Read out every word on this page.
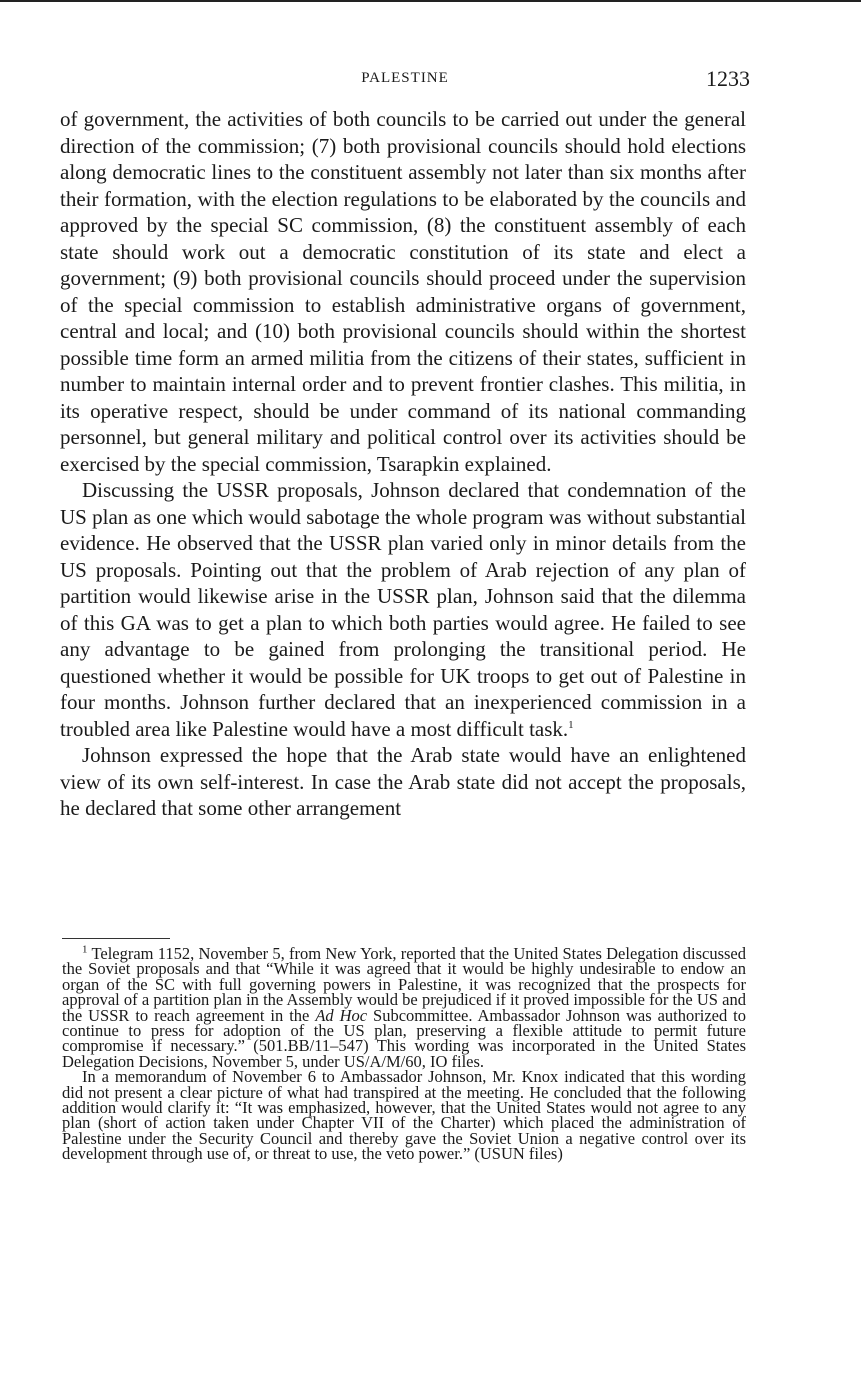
PALESTINE	1233

of government, the activities of both councils to be carried out under the general direction of the commission; (7) both provisional councils should hold elections along democratic lines to the constituent assembly not later than six months after their formation, with the election regulations to be elaborated by the councils and approved by the special SC commission, (8) the constituent assembly of each state should work out a democratic constitution of its state and elect a government; (9) both provisional councils should proceed under the supervision of the special commission to establish administrative organs of government, central and local; and (10) both provisional councils should within the shortest possible time form an armed militia from the citizens of their states, sufficient in number to maintain internal order and to prevent frontier clashes. This militia, in its operative respect, should be under command of its national commanding personnel, but general military and political control over its activities should be exercised by the special commission, Tsarapkin explained.

Discussing the USSR proposals, Johnson declared that condemnation of the US plan as one which would sabotage the whole program was without substantial evidence. He observed that the USSR plan varied only in minor details from the US proposals. Pointing out that the problem of Arab rejection of any plan of partition would likewise arise in the USSR plan, Johnson said that the dilemma of this GA was to get a plan to which both parties would agree. He failed to see any advantage to be gained from prolonging the transitional period. He questioned whether it would be possible for UK troops to get out of Palestine in four months. Johnson further declared that an inexperienced commission in a troubled area like Palestine would have a most difficult task.$^1$

Johnson expressed the hope that the Arab state would have an enlightened view of its own self-interest. In case the Arab state did not accept the proposals, he declared that some other arrangement

$^1$ Telegram 1152, November 5, from New York, reported that the United States Delegation discussed the Soviet proposals and that “While it was agreed that it would be highly undesirable to endow an organ of the SC with full governing powers in Palestine, it was recognized that the prospects for approval of a partition plan in the Assembly would be prejudiced if it proved impossible for the US and the USSR to reach agreement in the Ad Hoc Subcommittee. Ambassador Johnson was authorized to continue to press for adoption of the US plan, preserving a flexible attitude to permit future compromise if necessary.” (501.BB/11–547) This wording was incorporated in the United States Delegation Decisions, November 5, under US/A/M/60, IO files.

In a memorandum of November 6 to Ambassador Johnson, Mr. Knox indicated that this wording did not present a clear picture of what had transpired at the meeting. He concluded that the following addition would clarify it: “It was emphasized, however, that the United States would not agree to any plan (short of action taken under Chapter VII of the Charter) which placed the administration of Palestine under the Security Council and thereby gave the Soviet Union a negative control over its development through use of, or threat to use, the veto power.” (USUN files)
